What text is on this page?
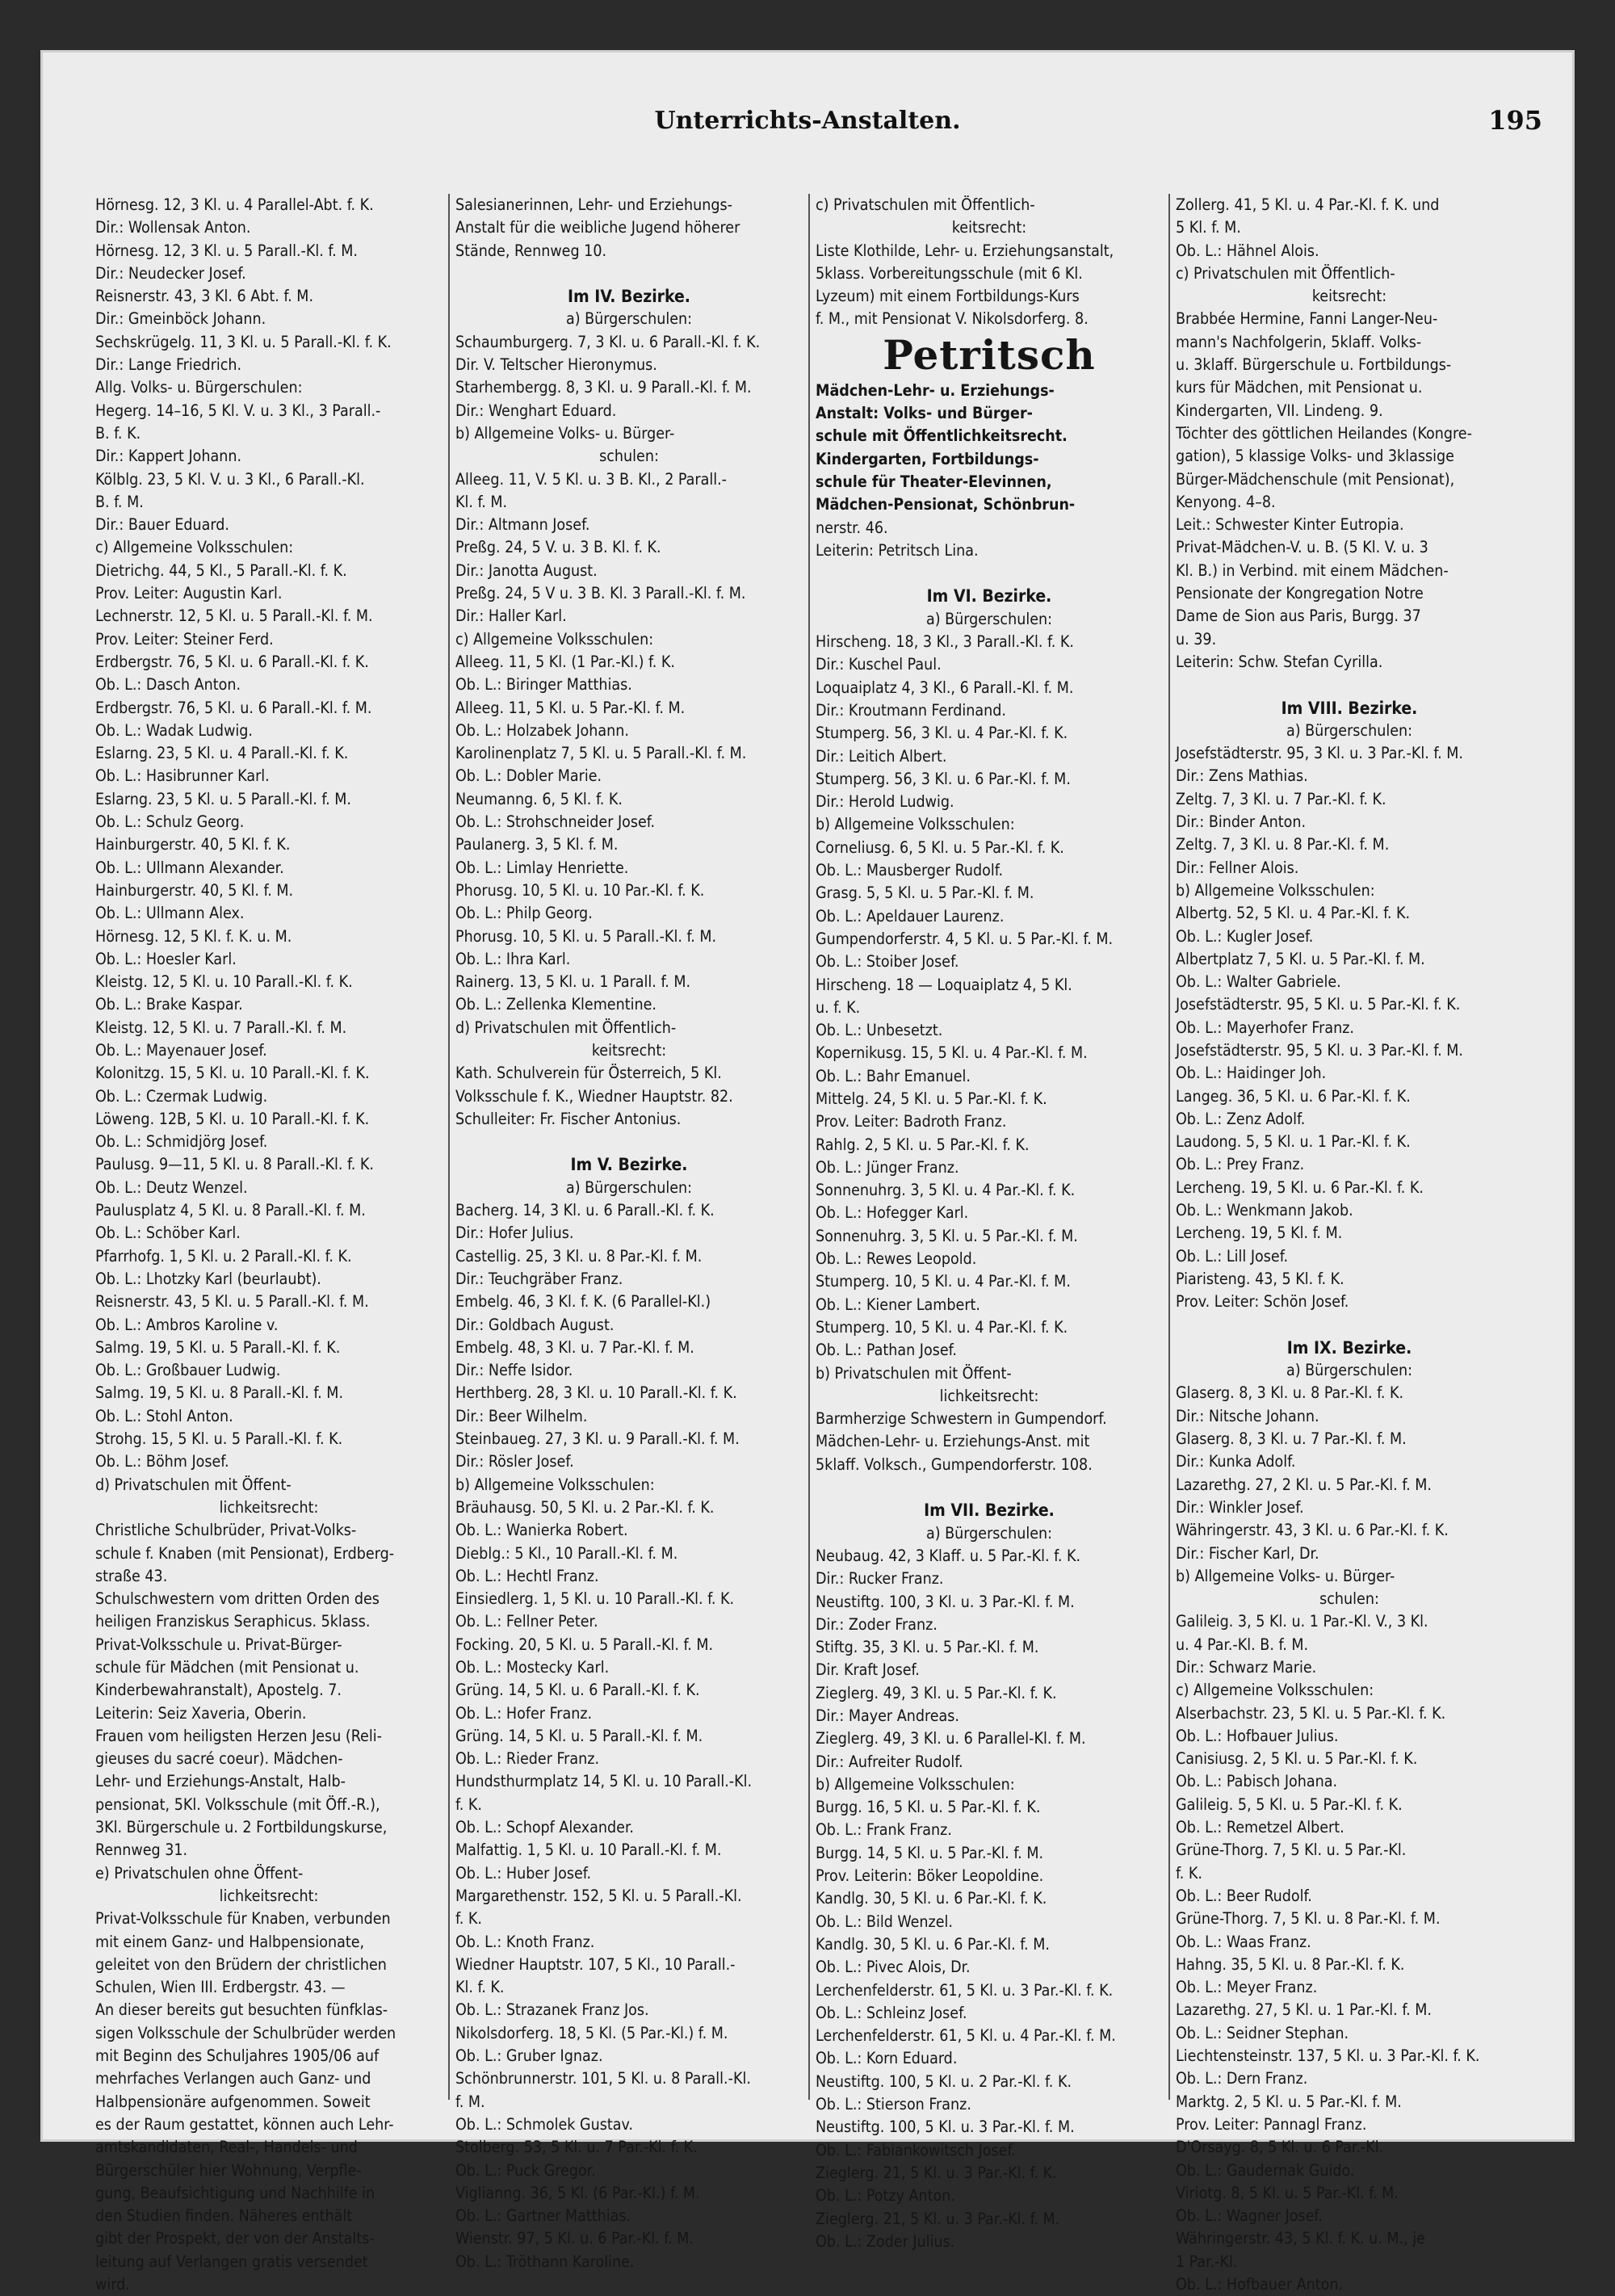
Unterrichts-Anstalten.	195
Hörnesg. 12, 3 Kl. u. 4 Parallel-Abt. f. K.
Dir.: Wollensak Anton.
Hörnesg. 12, 3 Kl. u. 5 Parall.-Kl. f. M.
Dir.: Neudecker Josef.
Reisnerstr. 43, 3 Kl. 6 Abt. f. M.
Dir.: Gmeinböck Johann.
Sechskrügelg. 11, 3 Kl. u. 5 Parall.-Kl. f. K.
Dir.: Lange Friedrich.
Allg. Volks- u. Bürgerschulen:
Hegerg. 14–16, 5 Kl. V. u. 3 Kl., 3 Parall.-
B. f. K.
Dir.: Kappert Johann.
Kölblg. 23, 5 Kl. V. u. 3 Kl., 6 Parall.-Kl.
B. f. M.
Dir.: Bauer Eduard.
c) Allgemeine Volksschulen:
Dietrichg. 44, 5 Kl., 5 Parall.-Kl. f. K.
Prov. Leiter: Augustin Karl.
Lechnerstr. 12, 5 Kl. u. 5 Parall.-Kl. f. M.
Prov. Leiter: Steiner Ferd.
Erdbergstr. 76, 5 Kl. u. 6 Parall.-Kl. f. K.
Ob. L.: Dasch Anton.
Erdbergstr. 76, 5 Kl. u. 6 Parall.-Kl. f. M.
Ob. L.: Wadak Ludwig.
Eslarng. 23, 5 Kl. u. 4 Parall.-Kl. f. K.
Ob. L.: Hasibrunner Karl.
Eslarng. 23, 5 Kl. u. 5 Parall.-Kl. f. M.
Ob. L.: Schulz Georg.
Hainburgerstr. 40, 5 Kl. f. K.
Ob. L.: Ullmann Alexander.
Hainburgerstr. 40, 5 Kl. f. M.
Ob. L.: Ullmann Alex.
Hörnesg. 12, 5 Kl. f. K. u. M.
Ob. L.: Hoesler Karl.
Kleistg. 12, 5 Kl. u. 10 Parall.-Kl. f. K.
Ob. L.: Brake Kaspar.
Kleistg. 12, 5 Kl. u. 7 Parall.-Kl. f. M.
Ob. L.: Mayenauer Josef.
Kolonitzg. 15, 5 Kl. u. 10 Parall.-Kl. f. K.
Ob. L.: Czermak Ludwig.
Löweng. 12B, 5 Kl. u. 10 Parall.-Kl. f. K.
Ob. L.: Schmidjörg Josef.
Paulusg. 9—11, 5 Kl. u. 8 Parall.-Kl. f. K.
Ob. L.: Deutz Wenzel.
Paulusplatz 4, 5 Kl. u. 8 Parall.-Kl. f. M.
Ob. L.: Schöber Karl.
Pfarrhofg. 1, 5 Kl. u. 2 Parall.-Kl. f. K.
Ob. L.: Lhotzky Karl (beurlaubt).
Reisnerstr. 43, 5 Kl. u. 5 Parall.-Kl. f. M.
Ob. L.: Ambros Karoline v.
Salmg. 19, 5 Kl. u. 5 Parall.-Kl. f. K.
Ob. L.: Großbauer Ludwig.
Salmg. 19, 5 Kl. u. 8 Parall.-Kl. f. M.
Ob. L.: Stohl Anton.
Strohg. 15, 5 Kl. u. 5 Parall.-Kl. f. K.
Ob. L.: Böhm Josef.
d) Privatschulen mit Öffent-
lichkeitsrecht:
Christliche Schulbrüder, Privat-Volks-
schule f. Knaben (mit Pensionat), Erdberg-
straße 43.
Schulschwestern vom dritten Orden des
heiligen Franziskus Seraphicus. 5klass.
Privat-Volksschule u. Privat-Bürger-
schule für Mädchen (mit Pensionat u.
Kinderbewahranstalt), Apostelg. 7.
Leiterin: Seiz Xaveria, Oberin.
Frauen vom heiligsten Herzen Jesu (Reli-
gieuses du sacré coeur). Mädchen-
Lehr- und Erziehungs-Anstalt, Halb-
pensionat, 5Kl. Volksschule (mit Öff.-R.),
3Kl. Bürgerschule u. 2 Fortbildungskurse,
Rennweg 31.
e) Privatschulen ohne Öffent-
lichkeitsrecht:
Privat-Volksschule für Knaben, verbunden
mit einem Ganz- und Halbpensionate,
geleitet von den Brüdern der christlichen
Schulen, Wien III. Erdbergstr. 43. —
An dieser bereits gut besuchten fünfklas-
sigen Volksschule der Schulbrüder werden
mit Beginn des Schuljahres 1905/06 auf
mehrfaches Verlangen auch Ganz- und
Halbpensionäre aufgenommen. Soweit
es der Raum gestattet, können auch Lehr-
amtskandidaten, Real-, Handels- und
Bürgerschüler hier Wohnung, Verpfle-
gung, Beaufsichtigung und Nachhilfe in
den Studien finden. Näheres enthält
gibt der Prospekt, der von der Anstalts-
leitung auf Verlangen gratis versendet
wird.
Salesianerinnen, Lehr- und Erziehungs-
Anstalt für die weibliche Jugend höherer
Stände, Rennweg 10.

Im IV. Bezirke.
a) Bürgerschulen:
Schaumburgerg. 7, 3 Kl. u. 6 Parall.-Kl. f. K.
Dir. V. Teltscher Hieronymus.
Starhembergg. 8, 3 Kl. u. 9 Parall.-Kl. f. M.
Dir.: Wenghart Eduard.
b) Allgemeine Volks- u. Bürger-
schulen:
Alleeg. 11, V. 5 Kl. u. 3 B. Kl., 2 Parall.-
Kl. f. M.
Dir.: Altmann Josef.
Preßg. 24, 5 V. u. 3 B. Kl. f. K.
Dir.: Janotta August.
Preßg. 24, 5 V u. 3 B. Kl. 3 Parall.-Kl. f. M.
Dir.: Haller Karl.
c) Allgemeine Volksschulen:
Alleeg. 11, 5 Kl. (1 Par.-Kl.) f. K.
Ob. L.: Biringer Matthias.
Alleeg. 11, 5 Kl. u. 5 Par.-Kl. f. M.
Ob. L.: Holzabek Johann.
Karolinenplatz 7, 5 Kl. u. 5 Parall.-Kl. f. M.
Ob. L.: Dobler Marie.
Neumanng. 6, 5 Kl. f. K.
Ob. L.: Strohschneider Josef.
Paulanerg. 3, 5 Kl. f. M.
Ob. L.: Limlay Henriette.
Phorusg. 10, 5 Kl. u. 10 Par.-Kl. f. K.
Ob. L.: Philp Georg.
Phorusg. 10, 5 Kl. u. 5 Parall.-Kl. f. M.
Ob. L.: Ihra Karl.
Rainerg. 13, 5 Kl. u. 1 Parall. f. M.
Ob. L.: Zellenka Klementine.
d) Privatschulen mit Öffentlich-
keitsrecht:
Kath. Schulverein für Österreich, 5 Kl.
Volksschule f. K., Wiedner Hauptstr. 82.
Schulleiter: Fr. Fischer Antonius.

Im V. Bezirke.
a) Bürgerschulen:
Bacherg. 14, 3 Kl. u. 6 Parall.-Kl. f. K.
Dir.: Hofer Julius.
Castellig. 25, 3 Kl. u. 8 Par.-Kl. f. M.
Dir.: Teuchgräber Franz.
Embelg. 46, 3 Kl. f. K. (6 Parallel-Kl.)
Dir.: Goldbach August.
Embelg. 48, 3 Kl. u. 7 Par.-Kl. f. M.
Dir.: Neffe Isidor.
Herthberg. 28, 3 Kl. u. 10 Parall.-Kl. f. K.
Dir.: Beer Wilhelm.
Steinbaueg. 27, 3 Kl. u. 9 Parall.-Kl. f. M.
Dir.: Rösler Josef.
b) Allgemeine Volksschulen:
Bräuhausg. 50, 5 Kl. u. 2 Par.-Kl. f. K.
Ob. L.: Wanierka Robert.
Dieblg.: 5 Kl., 10 Parall.-Kl. f. M.
Ob. L.: Hechtl Franz.
Einsiedlerg. 1, 5 Kl. u. 10 Parall.-Kl. f. K.
Ob. L.: Fellner Peter.
Focking. 20, 5 Kl. u. 5 Parall.-Kl. f. M.
Ob. L.: Mostecky Karl.
Grüng. 14, 5 Kl. u. 6 Parall.-Kl. f. K.
Ob. L.: Hofer Franz.
Grüng. 14, 5 Kl. u. 5 Parall.-Kl. f. M.
Ob. L.: Rieder Franz.
Hundsthurmplatz 14, 5 Kl. u. 10 Parall.-Kl.
f. K.
Ob. L.: Schopf Alexander.
Malfattig. 1, 5 Kl. u. 10 Parall.-Kl. f. M.
Ob. L.: Huber Josef.
Margarethenstr. 152, 5 Kl. u. 5 Parall.-Kl.
f. K.
Ob. L.: Knoth Franz.
Wiedner Hauptstr. 107, 5 Kl., 10 Parall.-
Kl. f. K.
Ob. L.: Strazanek Franz Jos.
Nikolsdorferg. 18, 5 Kl. (5 Par.-Kl.) f. M.
Ob. L.: Gruber Ignaz.
Schönbrunnerstr. 101, 5 Kl. u. 8 Parall.-Kl.
f. M.
Ob. L.: Schmolek Gustav.
Stolberg. 53, 5 Kl. u. 7 Par.-Kl. f. K.
Ob. L.: Puck Gregor.
Viglianng. 36, 5 Kl. (6 Par.-Kl.) f. M.
Ob. L.: Gartner Matthias.
Wienstr. 97, 5 Kl. u. 6 Par.-Kl. f. M.
Ob. L.: Tröthann Karoline.
c) Privatschulen mit Öffentlich-
keitsrecht:
Liste Klothilde, Lehr- u. Erziehungsanstalt,
5klass. Vorbereitungsschule (mit 6 Kl.
Lyzeum) mit einem Fortbildungs-Kurs
f. M., mit Pensionat V. Nikolsdorferg. 8.
Petritsch
Mädchen-Lehr- u. Erziehungs-
Anstalt: Volks- und Bürger-
schule mit Öffentlichkeitsrecht.
Kindergarten, Fortbildungs-
schule für Theater-Elevinnen,
Mädchen-Pensionat, Schönbrun-
nerstr. 46.
Leiterin: Petritsch Lina.

Im VI. Bezirke.
a) Bürgerschulen:
Hirscheng. 18, 3 Kl., 3 Parall.-Kl. f. K.
Dir.: Kuschel Paul.
Loquaiplatz 4, 3 Kl., 6 Parall.-Kl. f. M.
Dir.: Kroutmann Ferdinand.
Stumperg. 56, 3 Kl. u. 4 Par.-Kl. f. K.
Dir.: Leitich Albert.
Stumperg. 56, 3 Kl. u. 6 Par.-Kl. f. M.
Dir.: Herold Ludwig.
b) Allgemeine Volksschulen:
Corneliusg. 6, 5 Kl. u. 5 Par.-Kl. f. K.
Ob. L.: Mausberger Rudolf.
Grasg. 5, 5 Kl. u. 5 Par.-Kl. f. M.
Ob. L.: Apeldauer Laurenz.
Gumpendorferstr. 4, 5 Kl. u. 5 Par.-Kl. f. M.
Ob. L.: Stoiber Josef.
Hirscheng. 18 — Loquaiplatz 4, 5 Kl.
u. f. K.
Ob. L.: Unbesetzt.
Kopernikusg. 15, 5 Kl. u. 4 Par.-Kl. f. M.
Ob. L.: Bahr Emanuel.
Mittelg. 24, 5 Kl. u. 5 Par.-Kl. f. K.
Prov. Leiter: Badroth Franz.
Rahlg. 2, 5 Kl. u. 5 Par.-Kl. f. K.
Ob. L.: Jünger Franz.
Sonnenuhrg. 3, 5 Kl. u. 4 Par.-Kl. f. K.
Ob. L.: Hofegger Karl.
Sonnenuhrg. 3, 5 Kl. u. 5 Par.-Kl. f. M.
Ob. L.: Rewes Leopold.
Stumperg. 10, 5 Kl. u. 4 Par.-Kl. f. M.
Ob. L.: Kiener Lambert.
Stumperg. 10, 5 Kl. u. 4 Par.-Kl. f. K.
Ob. L.: Pathan Josef.
b) Privatschulen mit Öffent-
lichkeitsrecht:
Barmherzige Schwestern in Gumpendorf.
Mädchen-Lehr- u. Erziehungs-Anst. mit
5klaff. Volksch., Gumpendorferstr. 108.

Im VII. Bezirke.
a) Bürgerschulen:
Neubaug. 42, 3 Klaff. u. 5 Par.-Kl. f. K.
Dir.: Rucker Franz.
Neustiftg. 100, 3 Kl. u. 3 Par.-Kl. f. M.
Dir.: Zoder Franz.
Stiftg. 35, 3 Kl. u. 5 Par.-Kl. f. M.
Dir. Kraft Josef.
Zieglerg. 49, 3 Kl. u. 5 Par.-Kl. f. K.
Dir.: Mayer Andreas.
Zieglerg. 49, 3 Kl. u. 6 Parallel-Kl. f. M.
Dir.: Aufreiter Rudolf.
b) Allgemeine Volksschulen:
Burgg. 16, 5 Kl. u. 5 Par.-Kl. f. K.
Ob. L.: Frank Franz.
Burgg. 14, 5 Kl. u. 5 Par.-Kl. f. M.
Prov. Leiterin: Böker Leopoldine.
Kandlg. 30, 5 Kl. u. 6 Par.-Kl. f. K.
Ob. L.: Bild Wenzel.
Kandlg. 30, 5 Kl. u. 6 Par.-Kl. f. M.
Ob. L.: Pivec Alois, Dr.
Lerchenfelderstr. 61, 5 Kl. u. 3 Par.-Kl. f. K.
Ob. L.: Schleinz Josef.
Lerchenfelderstr. 61, 5 Kl. u. 4 Par.-Kl. f. M.
Ob. L.: Korn Eduard.
Neustiftg. 100, 5 Kl. u. 2 Par.-Kl. f. K.
Ob. L.: Stierson Franz.
Neustiftg. 100, 5 Kl. u. 3 Par.-Kl. f. M.
Ob. L.: Fabiankowitsch Josef.
Zieglerg. 21, 5 Kl. u. 3 Par.-Kl. f. K.
Ob. L.: Potzy Anton.
Zieglerg. 21, 5 Kl. u. 3 Par.-Kl. f. M.
Ob. L.: Zoder Julius.
Zollerg. 41, 5 Kl. u. 4 Par.-Kl. f. K. und
5 Kl. f. M.
Ob. L.: Hähnel Alois.
c) Privatschulen mit Öffentlich-
keitsrecht:
Brabbée Hermine, Fanni Langer-Neu-
mann's Nachfolgerin, 5klaff. Volks-
u. 3klaff. Bürgerschule u. Fortbildungs-
kurs für Mädchen, mit Pensionat u.
Kindergarten, VII. Lindeng. 9.
Töchter des göttlichen Heilandes (Kongre-
gation), 5 klassige Volks- und 3klassige
Bürger-Mädchenschule (mit Pensionat),
Kenyong. 4–8.
Leit.: Schwester Kinter Eutropia.
Privat-Mädchen-V. u. B. (5 Kl. V. u. 3
Kl. B.) in Verbind. mit einem Mädchen-
Pensionate der Kongregation Notre
Dame de Sion aus Paris, Burgg. 37
u. 39.
Leiterin: Schw. Stefan Cyrilla.

Im VIII. Bezirke.
a) Bürgerschulen:
Josefstädterstr. 95, 3 Kl. u. 3 Par.-Kl. f. M.
Dir.: Zens Mathias.
Zeltg. 7, 3 Kl. u. 7 Par.-Kl. f. K.
Dir.: Binder Anton.
Zeltg. 7, 3 Kl. u. 8 Par.-Kl. f. M.
Dir.: Fellner Alois.
b) Allgemeine Volksschulen:
Albertg. 52, 5 Kl. u. 4 Par.-Kl. f. K.
Ob. L.: Kugler Josef.
Albertplatz 7, 5 Kl. u. 5 Par.-Kl. f. M.
Ob. L.: Walter Gabriele.
Josefstädterstr. 95, 5 Kl. u. 5 Par.-Kl. f. K.
Ob. L.: Mayerhofer Franz.
Josefstädterstr. 95, 5 Kl. u. 3 Par.-Kl. f. M.
Ob. L.: Haidinger Joh.
Langeg. 36, 5 Kl. u. 6 Par.-Kl. f. K.
Ob. L.: Zenz Adolf.
Laudong. 5, 5 Kl. u. 1 Par.-Kl. f. K.
Ob. L.: Prey Franz.
Lercheng. 19, 5 Kl. u. 6 Par.-Kl. f. K.
Ob. L.: Wenkmann Jakob.
Lercheng. 19, 5 Kl. f. M.
Ob. L.: Lill Josef.
Piaristeng. 43, 5 Kl. f. K.
Prov. Leiter: Schön Josef.

Im IX. Bezirke.
a) Bürgerschulen:
Glaserg. 8, 3 Kl. u. 8 Par.-Kl. f. K.
Dir.: Nitsche Johann.
Glaserg. 8, 3 Kl. u. 7 Par.-Kl. f. M.
Dir.: Kunka Adolf.
Lazarethg. 27, 2 Kl. u. 5 Par.-Kl. f. M.
Dir.: Winkler Josef.
Währingerstr. 43, 3 Kl. u. 6 Par.-Kl. f. K.
Dir.: Fischer Karl, Dr.
b) Allgemeine Volks- u. Bürger-
schulen:
Galileig. 3, 5 Kl. u. 1 Par.-Kl. V., 3 Kl.
u. 4 Par.-Kl. B. f. M.
Dir.: Schwarz Marie.
c) Allgemeine Volksschulen:
Alserbachstr. 23, 5 Kl. u. 5 Par.-Kl. f. K.
Ob. L.: Hofbauer Julius.
Canisiusg. 2, 5 Kl. u. 5 Par.-Kl. f. K.
Ob. L.: Pabisch Johana.
Galileig. 5, 5 Kl. u. 5 Par.-Kl. f. K.
Ob. L.: Remetzel Albert.
Grüne-Thorg. 7, 5 Kl. u. 5 Par.-Kl.
f. K.
Ob. L.: Beer Rudolf.
Grüne-Thorg. 7, 5 Kl. u. 8 Par.-Kl. f. M.
Ob. L.: Waas Franz.
Hahng. 35, 5 Kl. u. 8 Par.-Kl. f. K.
Ob. L.: Meyer Franz.
Lazarethg. 27, 5 Kl. u. 1 Par.-Kl. f. M.
Ob. L.: Seidner Stephan.
Liechtensteinstr. 137, 5 Kl. u. 3 Par.-Kl. f. K.
Ob. L.: Dern Franz.
Marktg. 2, 5 Kl. u. 5 Par.-Kl. f. M.
Prov. Leiter: Pannagl Franz.
D'Orsayg. 8, 5 Kl. u. 6 Par.-Kl.
Ob. L.: Gaudernak Guido.
Viriotg. 8, 5 Kl. u. 5 Par.-Kl. f. M.
Ob. L.: Wagner Josef.
Währingerstr. 43, 5 Kl. f. K. u. M., je
1 Par.-Kl.
Ob. L.: Hofbauer Anton.
